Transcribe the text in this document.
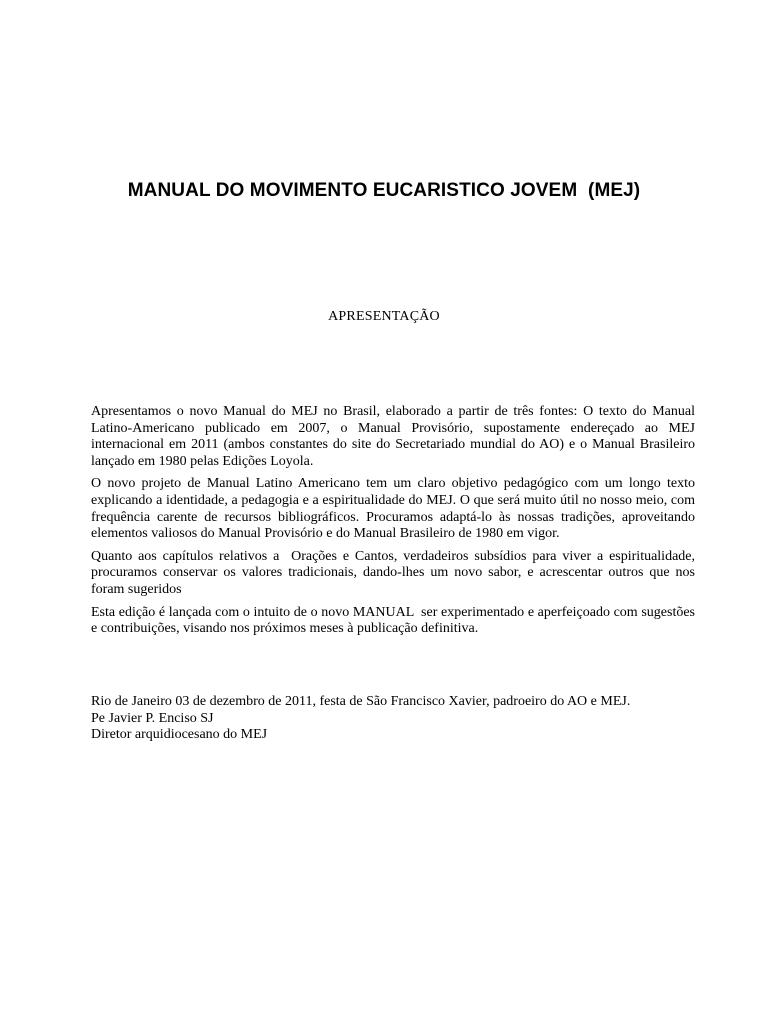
MANUAL DO MOVIMENTO EUCARISTICO JOVEM  (MEJ)
APRESENTAÇÃO

Apresentamos o novo Manual do MEJ no Brasil, elaborado a partir de três fontes: O texto do Manual Latino-Americano publicado em 2007, o Manual Provisório, supostamente endereçado ao MEJ internacional em 2011 (ambos constantes do site do Secretariado mundial do AO) e o Manual Brasileiro lançado em 1980 pelas Edições Loyola.

O novo projeto de Manual Latino Americano tem um claro objetivo pedagógico com um longo texto explicando a identidade, a pedagogia e a espiritualidade do MEJ. O que será muito útil no nosso meio, com frequência carente de recursos bibliográficos. Procuramos adaptá-lo às nossas tradições, aproveitando elementos valiosos do Manual Provisório e do Manual Brasileiro de 1980 em vigor.

Quanto aos capítulos relativos a  Orações e Cantos, verdadeiros subsídios para viver a espiritualidade, procuramos conservar os valores tradicionais, dando-lhes um novo sabor, e acrescentar outros que nos foram sugeridos

Esta edição é lançada com o intuito de o novo MANUAL  ser experimentado e aperfeiçoado com sugestões e contribuições, visando nos próximos meses à publicação definitiva.

Rio de Janeiro 03 de dezembro de 2011, festa de São Francisco Xavier, padroeiro do AO e MEJ.
Pe Javier P. Enciso SJ
Diretor arquidiocesano do MEJ
